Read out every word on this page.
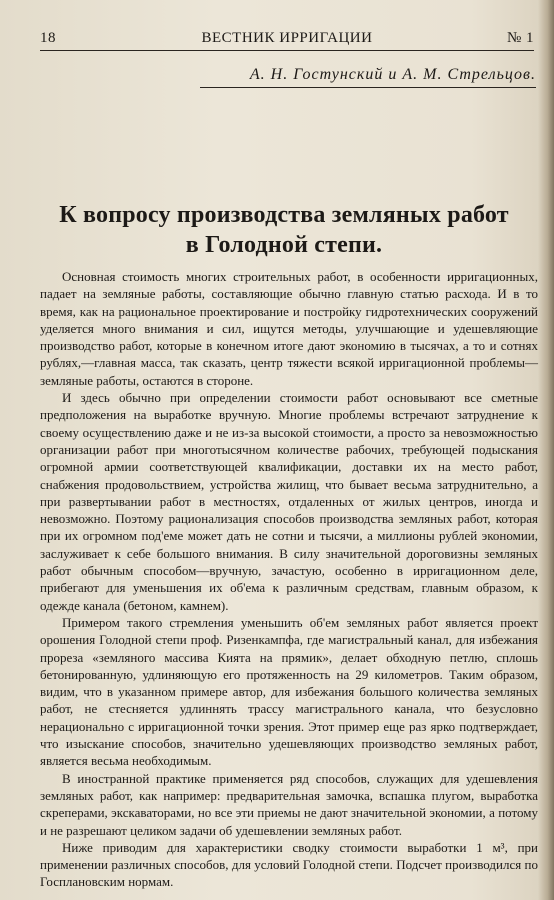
18	ВЕСТНИК ИРРИГАЦИИ	№ 1
А. Н. Гостунский и А. М. Стрельцов.
К вопросу производства земляных работ
в Голодной степи.

Основная стоимость многих строительных работ, в особенности ирригационных, падает на земляные работы, составляющие обычно главную статью расхода. И в то время, как на рациональное проектирование и постройку гидротехнических сооружений уделяется много внимания и сил, ищутся методы, улучшающие и удешевляющие производство работ, которые в конечном итоге дают экономию в тысячах, а то и сотнях рублях,—главная масса, так сказать, центр тяжести всякой ирригационной проблемы—земляные работы, остаются в стороне.

И здесь обычно при определении стоимости работ основывают все сметные предположения на выработке вручную. Многие проблемы встречают затруднение к своему осуществлению даже и не из-за высокой стоимости, а просто за невозможностью организации работ при многотысячном количестве рабочих, требующей подыскания огромной армии соответствующей квалификации, доставки их на место работ, снабжения продовольствием, устройства жилищ, что бывает весьма затруднительно, а при развертывании работ в местностях, отдаленных от жилых центров, иногда и невозможно. Поэтому рационализация способов производства земляных работ, которая при их огромном под'еме может дать не сотни и тысячи, а миллионы рублей экономии, заслуживает к себе большого внимания. В силу значительной дороговизны земляных работ обычным способом—вручную, зачастую, особенно в ирригационном деле, прибегают для уменьшения их об'ема к различным средствам, главным образом, к одежде канала (бетоном, камнем).

Примером такого стремления уменьшить об'ем земляных работ является проект орошения Голодной степи проф. Ризенкампфа, где магистральный канал, для избежания прореза «земляного массива Кията на прямик», делает обходную петлю, сплошь бетонированную, удлиняющую его протяженность на 29 километров. Таким образом, видим, что в указанном примере автор, для избежания большого количества земляных работ, не стесняется удлиннять трассу магистрального канала, что безусловно нерационально с ирригационной точки зрения. Этот пример еще раз ярко подтверждает, что изыскание способов, значительно удешевляющих производство земляных работ, является весьма необходимым.

В иностранной практике применяется ряд способов, служащих для удешевления земляных работ, как например: предварительная замочка, вспашка плугом, выработка скреперами, экскаваторами, но все эти приемы не дают значительной экономии, а потому и не разрешают целиком задачи об удешевлении земляных работ.

Ниже приводим для характеристики сводку стоимости выработки 1 м³, при применении различных способов, для условий Голодной степи. Подсчет производился по Госплановским нормам.
